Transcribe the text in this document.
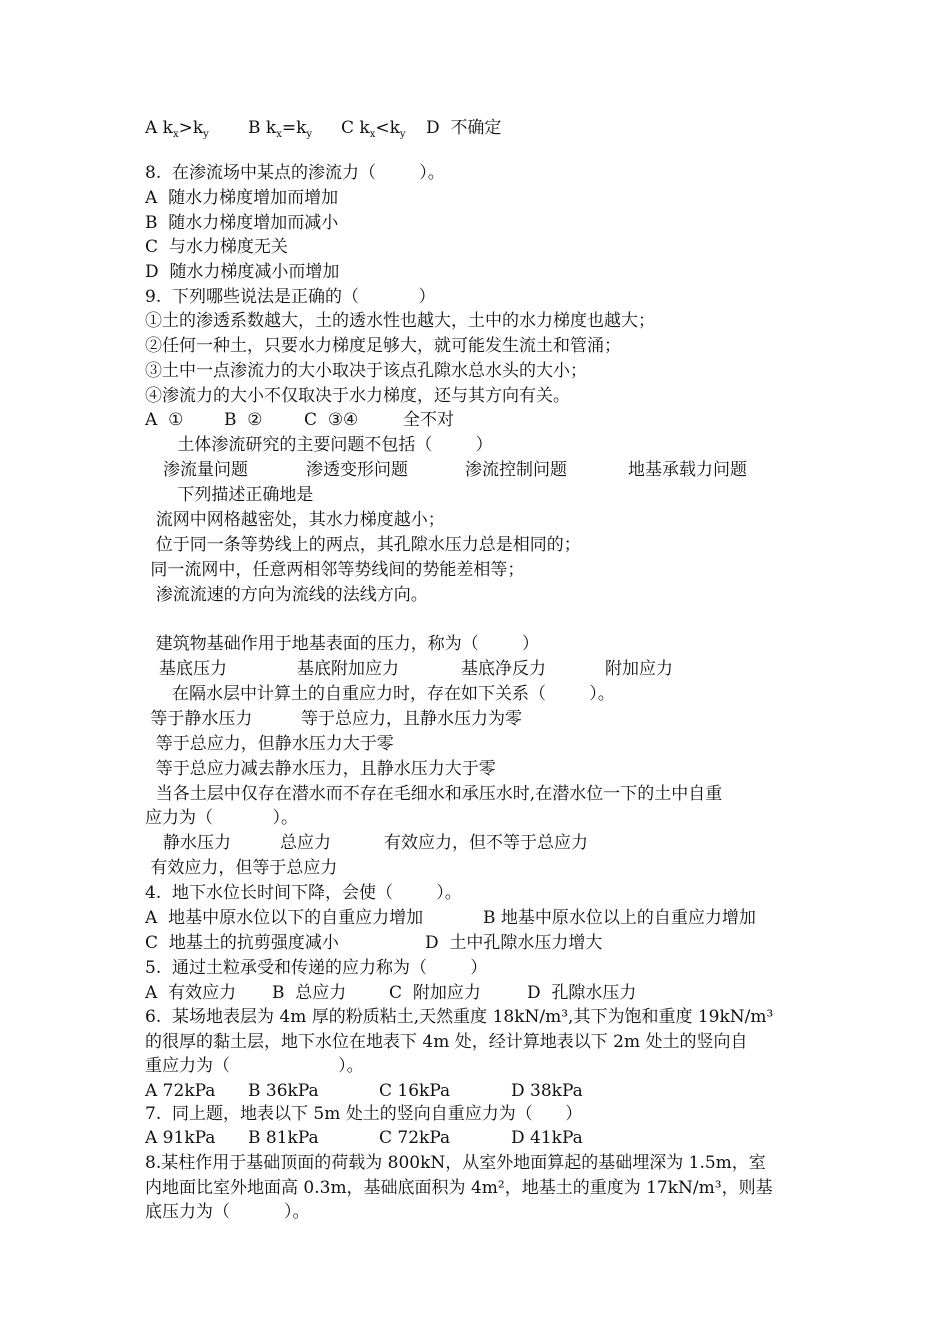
A $k_x>k_y$ B $k_x=k_y$ C $k_x<k_y$ D  不确定
8.  在渗流场中某点的渗流力（        ）。
A  随水力梯度增加而增加
B  随水力梯度增加而减小
C  与水力梯度无关
D  随水力梯度减小而增加
9.  下列哪些说法是正确的（           ）
①土的渗透系数越大，土的透水性也越大，土中的水力梯度也越大；
②任何一种土，只要水力梯度足够大，就可能发生流土和管涌；
③土中一点渗流力的大小取决于该点孔隙水总水头的大小；
④渗流力的大小不仅取决于水力梯度，还与其方向有关。
A  ① B  ② C  ③④	全不对
土体渗流研究的主要问题不包括（        ）
渗流量问题	渗透变形问题	渗流控制问题	地基承载力问题
下列描述正确地是
流网中网格越密处，其水力梯度越小；
位于同一条等势线上的两点，其孔隙水压力总是相同的；
同一流网中，任意两相邻等势线间的势能差相等；
渗流流速的方向为流线的法线方向。
建筑物基础作用于地基表面的压力，称为（        ）
基底压力	基底附加应力	基底净反力	附加应力
在隔水层中计算土的自重应力时，存在如下关系（        ）。
等于静水压力         等于总应力，且静水压力为零
等于总应力，但静水压力大于零
等于总应力减去静水压力，且静水压力大于零
当各土层中仅存在潜水而不存在毛细水和承压水时,在潜水位一下的土中自重
应力为（           ）。
静水压力	总应力	有效应力，但不等于总应力
有效应力，但等于总应力
4.  地下水位长时间下降，会使（        ）。
A  地基中原水位以下的自重应力增加	B 地基中原水位以上的自重应力增加
C  地基土的抗剪强度减小	D  土中孔隙水压力增大
5.  通过土粒承受和传递的应力称为（        ）
A  有效应力 B  总应力	C  附加应力	D  孔隙水压力
6.  某场地表层为 4m 厚的粉质粘土,天然重度 18kN/m³,其下为饱和重度 19kN/m³
的很厚的黏土层，地下水位在地表下 4m 处，经计算地表以下 2m 处土的竖向自
重应力为（                    ）。
A 72kPa B 36kPa	C 16kPa	D 38kPa
7.  同上题，地表以下 5m 处土的竖向自重应力为（      ）
A 91kPa B 81kPa	C 72kPa	D 41kPa
8.某柱作用于基础顶面的荷载为 800kN，从室外地面算起的基础埋深为 1.5m，室
内地面比室外地面高 0.3m，基础底面积为 4m²，地基土的重度为 17kN/m³，则基
底压力为（          ）。
